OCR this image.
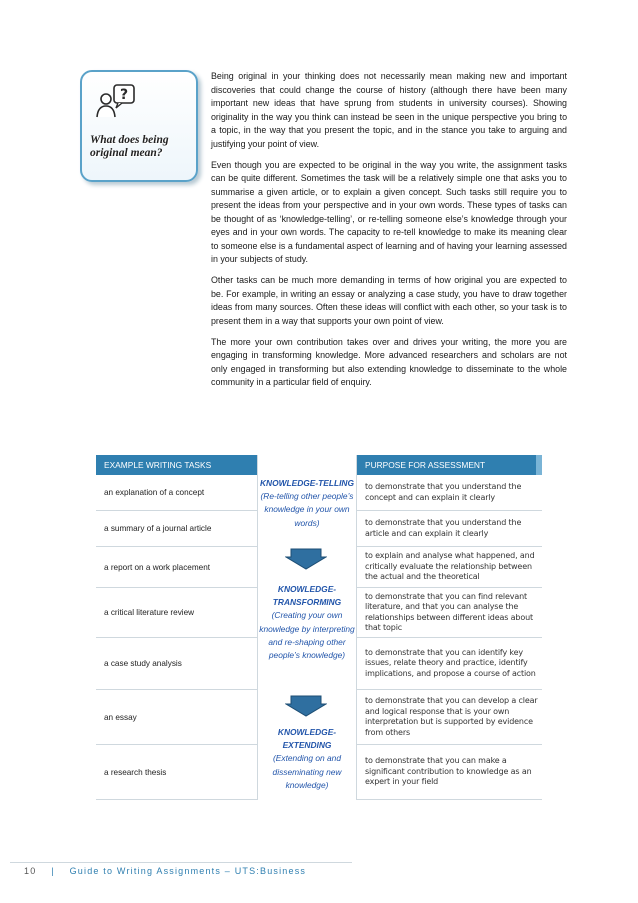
?
What does being original mean?

Being original in your thinking does not necessarily mean making new and important discoveries that could change the course of history (although there have been many important new ideas that have sprung from students in university courses). Showing originality in the way you think can instead be seen in the unique perspective you bring to a topic, in the way that you present the topic, and in the stance you take to arguing and justifying your point of view.

Even though you are expected to be original in the way you write, the assignment tasks can be quite different. Sometimes the task will be a relatively simple one that asks you to summarise a given article, or to explain a given concept. Such tasks still require you to present the ideas from your perspective and in your own words. These types of tasks can be thought of as ‘knowledge-telling’, or re-telling someone else’s knowledge through your eyes and in your own words. The capacity to re-tell knowledge to make its meaning clear to someone else is a fundamental aspect of learning and of having your learning assessed in your subjects of study.

Other tasks can be much more demanding in terms of how original you are expected to be. For example, in writing an essay or analyzing a case study, you have to draw together ideas from many sources. Often these ideas will conflict with each other, so your task is to present them in a way that supports your own point of view.

The more your own contribution takes over and drives your writing, the more you are engaging in transforming knowledge. More advanced researchers and scholars are not only engaged in transforming but also extending knowledge to disseminate to the whole community in a particular field of enquiry.

EXAMPLE WRITING TASKS	PURPOSE FOR ASSESSMENT
an explanation of a concept
to demonstrate that you understand the concept and can explain it clearly
a summary of a journal article
to demonstrate that you understand the article and can explain it clearly
a report on a work placement
to explain and analyse what happened, and critically evaluate the relationship between the actual and the theoretical
a critical literature review
to demonstrate that you can find relevant literature, and that you can analyse the relationships between different ideas about that topic
a case study analysis
to demonstrate that you can identify key issues, relate theory and practice, identify implications, and propose a course of action
an essay
to demonstrate that you can develop a clear and logical response that is your own interpretation but is supported by evidence from others
a research thesis
to demonstrate that you can make a significant contribution to knowledge as an expert in your field
KNOWLEDGE-TELLING
(Re-telling other people’s knowledge in your own words)
KNOWLEDGE-TRANSFORMING
(Creating your own knowledge by interpreting and re-shaping other people’s knowledge)
KNOWLEDGE-EXTENDING
(Extending on and disseminating new knowledge)
10 | Guide to Writing Assignments – UTS:Business
